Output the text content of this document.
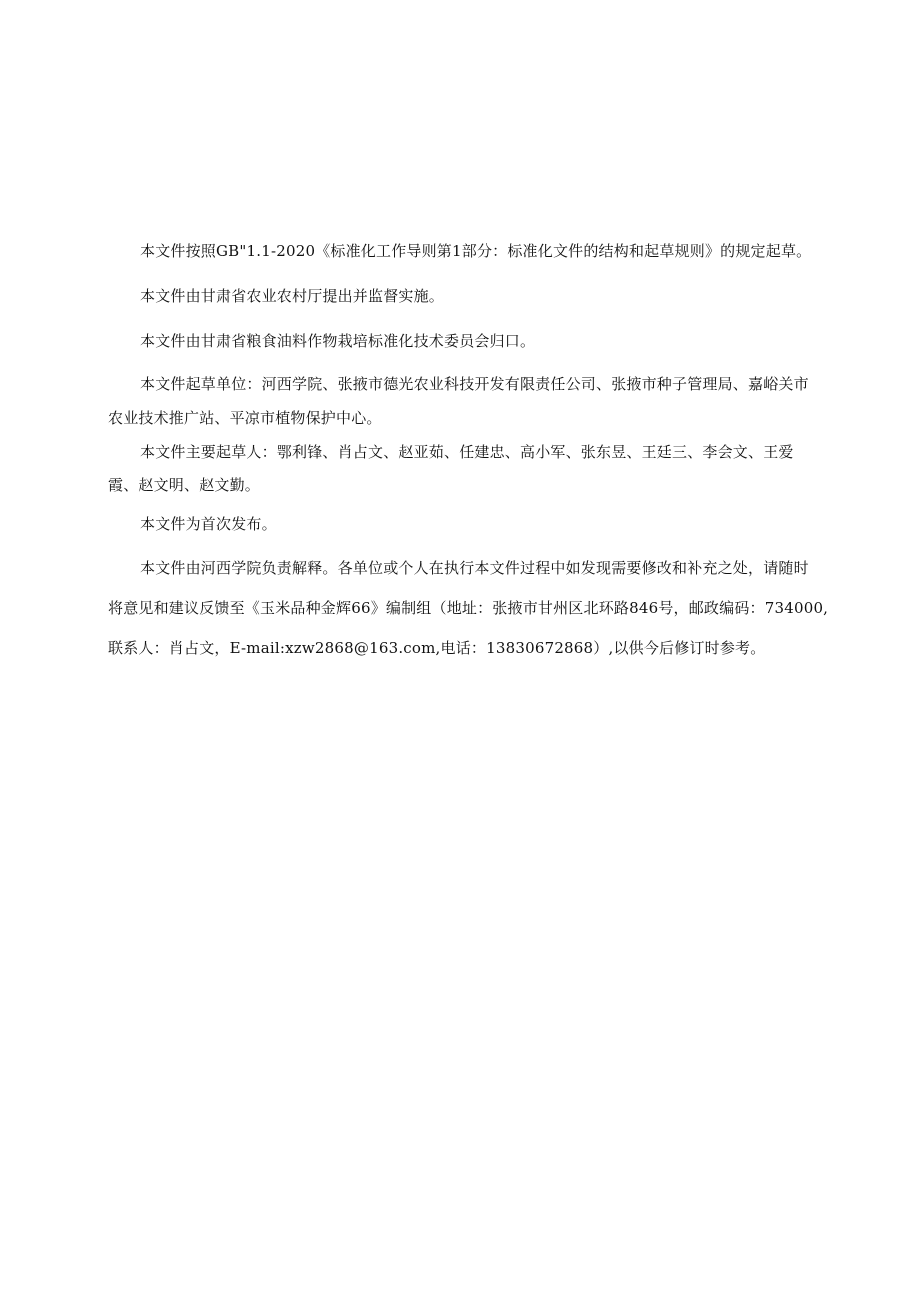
本文件按照GB"1.1-2020《标准化工作导则第1部分：标准化文件的结构和起草规则》的规定起草。

本文件由甘肃省农业农村厅提出并监督实施。

本文件由甘肃省粮食油料作物栽培标准化技术委员会归口。

本文件起草单位：河西学院、张掖市德光农业科技开发有限责任公司、张掖市种子管理局、嘉峪关市
农业技术推广站、平凉市植物保护中心。
本文件主要起草人：鄂利锋、肖占文、赵亚茹、任建忠、高小军、张东昱、王廷三、李会文、王爱
霞、赵文明、赵文勤。

本文件为首次发布。

本文件由河西学院负责解释。各单位或个人在执行本文件过程中如发现需要修改和补充之处，请随时
将意见和建议反馈至《玉米品种金辉66》编制组（地址：张掖市甘州区北环路846号，邮政编码：734000,
联系人：肖占文，E-mail:xzw2868@163.com,电话：13830672868）,以供今后修订时参考。
